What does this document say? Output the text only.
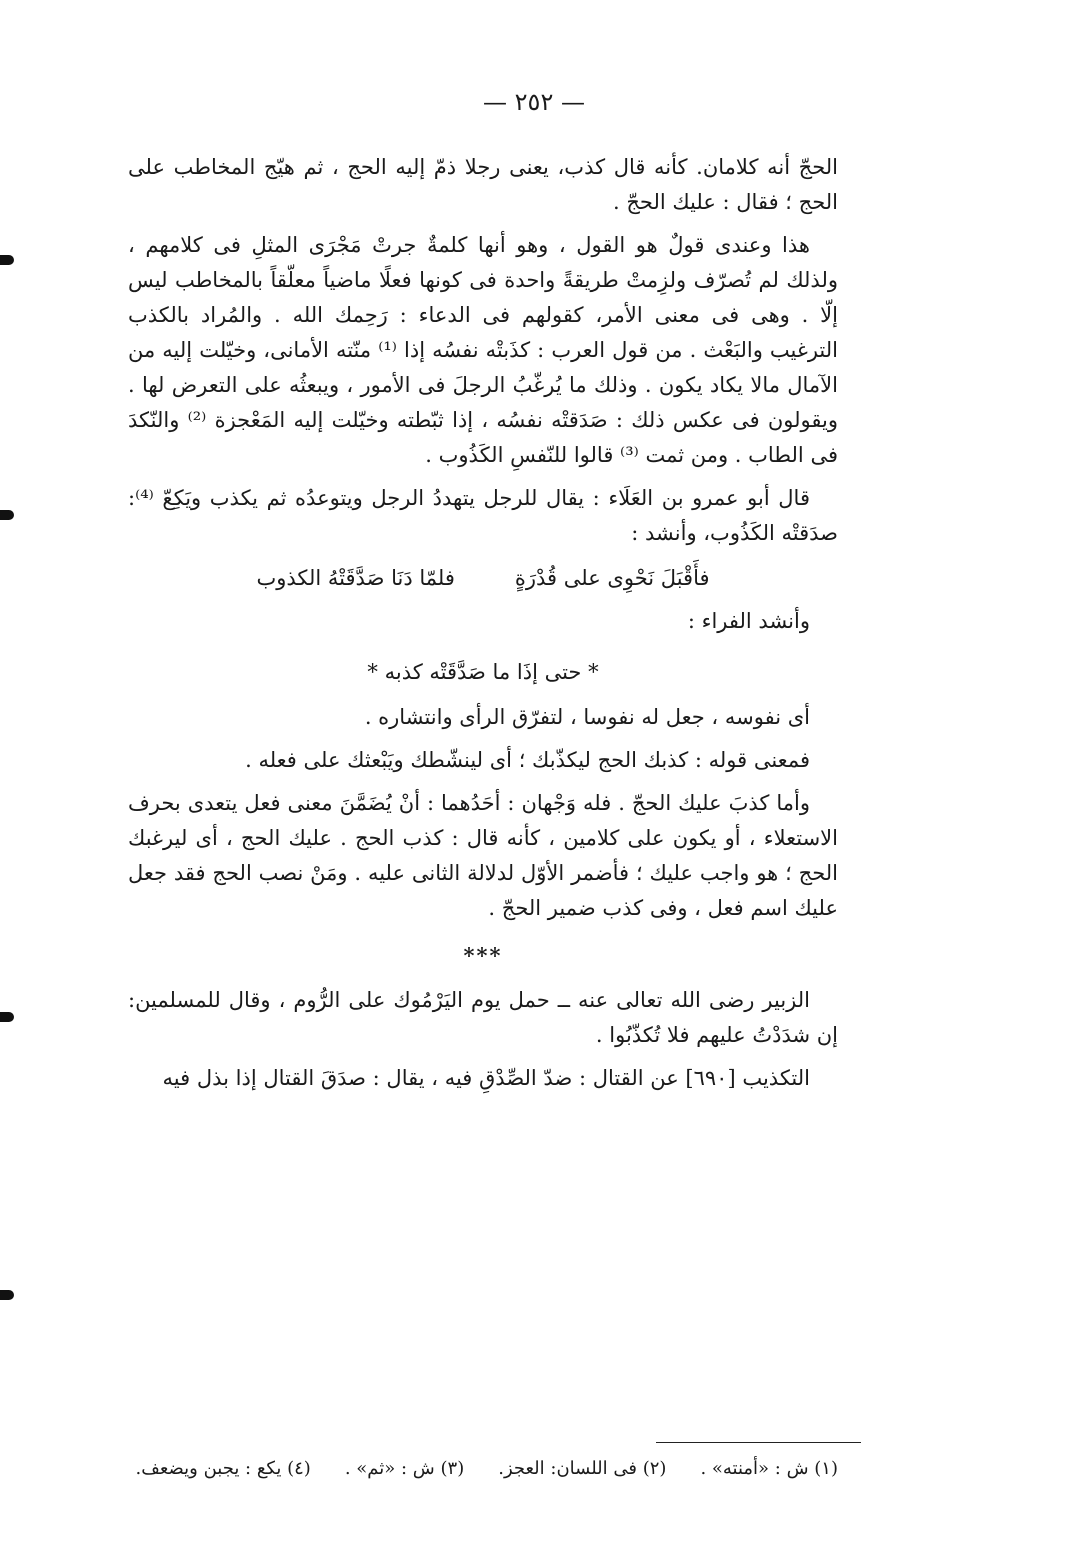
— ٢٥٢ —

الحجّ أنه كلامان. كأنه قال كذب، يعنى رجلا ذمّ إليه الحج ، ثم هيّج المخاطب على الحج ؛ فقال : عليك الحجّ .

هذا وعندى قولٌ هو القول ، وهو أنها كلمةٌ جرتْ مَجْرَى المثلِ فى كلامهم ، ولذلك لم تُصرّف ولزِمتْ طريقةً واحدة فى كونها فعلًا ماضياً معلّقاً بالمخاطب ليس إلّا . وهى فى معنى الأمر، كقولهم فى الدعاء : رَحِمك الله . والمُراد بالكذب الترغيب والبَعْث . من قول العرب : كذَبتْه نفسُه إذا ⁽¹⁾ منّته الأمانى، وخيّلت إليه من الآمال مالا يكاد يكون . وذلك ما يُرغّبُ الرجلَ فى الأمور ، ويبعثُه على التعرض لها . ويقولون فى عكس ذلك : صَدَقتْه نفسُه ، إذا ثبّطته وخيّلت إليه المَعْجزة ⁽²⁾ والنّكدَ فى الطاب . ومن ثمت ⁽³⁾ قالوا للنّفسِ الكَذُوب .

قال أبو عمرو بن العَلَاء : يقال للرجل يتهددُ الرجل ويتوعدُه ثم يكذب ويَكِعّ ⁽⁴⁾: صدَقتْه الكَذُوب، وأنشد :

فأَقْبَلَ نَحْوِى على قُدْرَةٍ
فلمّا دَنَا صَدَّقَتْهُ الكذوب

وأنشد الفراء :

* حتى إذَا ما صَدَّقَتْه كذبه *

أى نفوسه ، جعل له نفوسا ، لتفرّق الرأى وانتشاره .

فمعنى قوله : كذبك الحج ليكذّبك ؛ أى لينشّطك ويَبْعثك على فعله .

وأما كذبَ عليك الحجّ . فله وَجْهان : أحَدُهما : أنْ يُضَمَّنَ معنى فعل يتعدى بحرف الاستعلاء ، أو يكون على كلامين ، كأنه قال : كذب الحج . عليك الحج ، أى ليرغبك الحج ؛ هو واجب عليك ؛ فأضمر الأوّل لدلالة الثانى عليه . ومَنْ نصب الحج فقد جعل عليك اسم فعل ، وفى كذب ضمير الحجّ .

***

الزبير رضى الله تعالى عنه ــ حمل يوم اليَرْمُوك على الرُّوم ، وقال للمسلمين: إن شدَدْتُ عليهم فلا تُكذّبُوا .

التكذيب [٦٩٠] عن القتال : ضدّ الصِّدْقِ فيه ، يقال : صدَقَ القتال إذا بذل فيه

(١) ش : «أمنته» .
(٢) فى اللسان: العجز.
(٣) ش : «ثم» .
(٤) يكع : يجبن ويضعف.
